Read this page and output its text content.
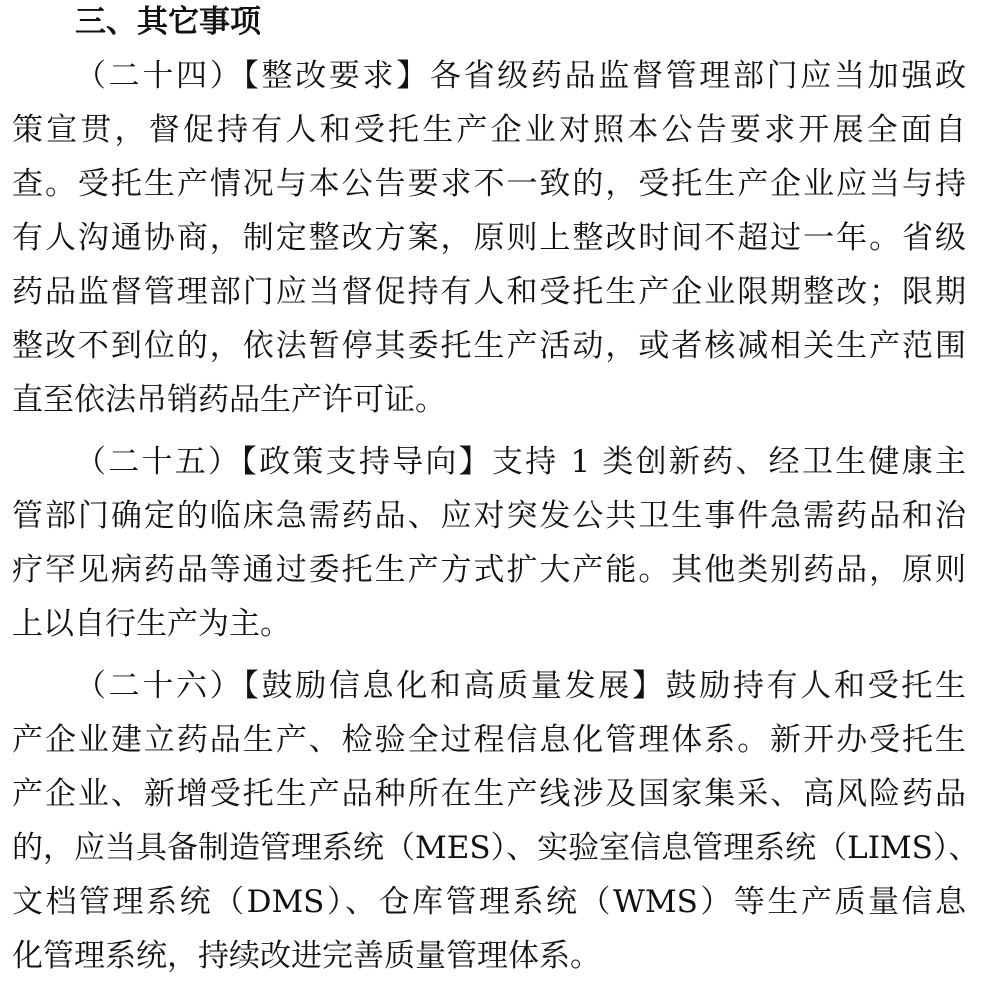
三、其它事项
（二十四）【整改要求】各省级药品监督管理部门应当加强政
策宣贯，督促持有人和受托生产企业对照本公告要求开展全面自
查。受托生产情况与本公告要求不一致的，受托生产企业应当与持
有人沟通协商，制定整改方案，原则上整改时间不超过一年。省级
药品监督管理部门应当督促持有人和受托生产企业限期整改；限期
整改不到位的，依法暂停其委托生产活动，或者核减相关生产范围
直至依法吊销药品生产许可证。
（二十五）【政策支持导向】支持 1 类创新药、经卫生健康主
管部门确定的临床急需药品、应对突发公共卫生事件急需药品和治
疗罕见病药品等通过委托生产方式扩大产能。其他类别药品，原则
上以自行生产为主。
（二十六）【鼓励信息化和高质量发展】鼓励持有人和受托生
产企业建立药品生产、检验全过程信息化管理体系。新开办受托生
产企业、新增受托生产品种所在生产线涉及国家集采、高风险药品
的，应当具备制造管理系统（MES）、实验室信息管理系统（LIMS）、
文档管理系统（DMS）、仓库管理系统（WMS）等生产质量信息
化管理系统，持续改进完善质量管理体系。
